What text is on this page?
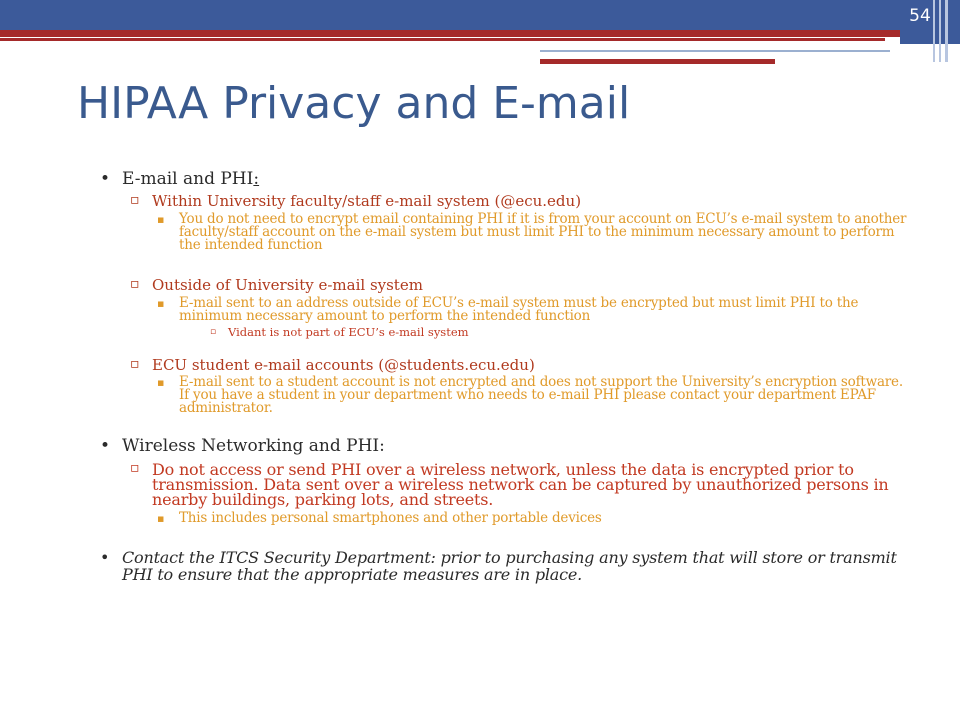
54
HIPAA Privacy and E-mail

• E-mail and PHI:

▫ Within University faculty/staff e-mail system (@ecu.edu)

▪ You do not need to encrypt email containing PHI if it is from your account on ECU’s e-mail system to another faculty/staff account on the e-mail system but must limit PHI to the minimum necessary amount to perform the intended function

▫ Outside of University e-mail system

▪ E-mail sent to an address outside of ECU’s e-mail system must be encrypted but must limit PHI to the minimum necessary amount to perform the intended function

▫ Vidant is not part of ECU’s e-mail system

▫ ECU student e-mail accounts (@students.ecu.edu)

▪ E-mail sent to a student account is not encrypted and does not support the University’s encryption software. If you have a student in your department who needs to e-mail PHI please contact your department EPAF administrator.

• Wireless Networking and PHI:

▫ Do not access or send PHI over a wireless network, unless the data is encrypted prior to transmission. Data sent over a wireless network can be captured by unauthorized persons in nearby buildings, parking lots, and streets.

▪ This includes personal smartphones and other portable devices

• Contact the ITCS Security Department: prior to purchasing any system that will store or transmit PHI to ensure that the appropriate measures are in place.
